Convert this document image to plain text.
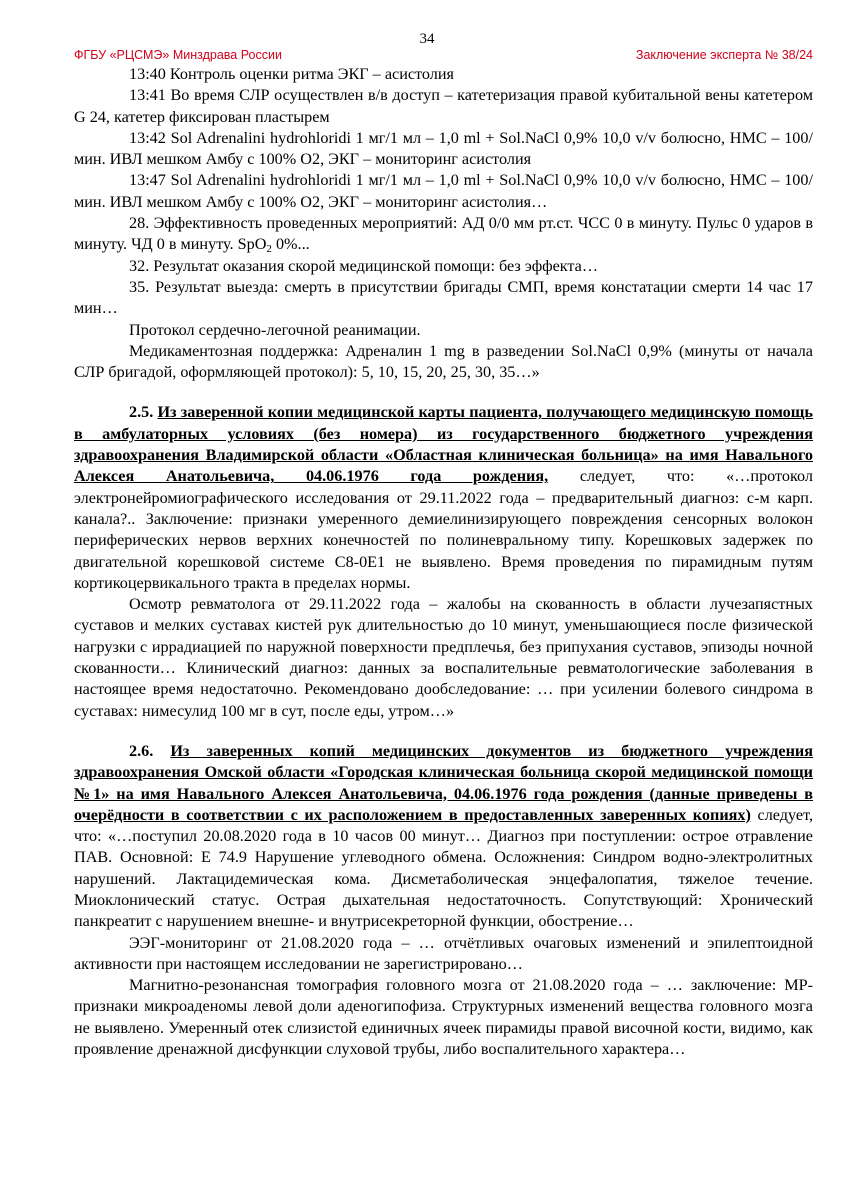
34
ФГБУ «РЦСМЭ» Минздрава России	Заключение эксперта № 38/24

13:40 Контроль оценки ритма ЭКГ – асистолия

13:41 Во время СЛР осуществлен в/в доступ – катетеризация правой кубитальной вены катетером G 24, катетер фиксирован пластырем

13:42 Sol Adrenalini hydrohloridi 1 мг/1 мл – 1,0 ml + Sol.NaCl 0,9% 10,0 v/v болюсно, НМС – 100/мин. ИВЛ мешком Амбу с 100% О2, ЭКГ – мониторинг асистолия

13:47 Sol Adrenalini hydrohloridi 1 мг/1 мл – 1,0 ml + Sol.NaCl 0,9% 10,0 v/v болюсно, НМС – 100/мин. ИВЛ мешком Амбу с 100% О2, ЭКГ – мониторинг асистолия…

28. Эффективность проведенных мероприятий: АД 0/0 мм рт.ст. ЧСС 0 в минуту. Пульс 0 ударов в минуту. ЧД 0 в минуту. SpO$_2$ 0%...

32. Результат оказания скорой медицинской помощи: без эффекта…

35. Результат выезда: смерть в присутствии бригады СМП, время констатации смерти 14 час 17 мин…

Протокол сердечно-легочной реанимации.

Медикаментозная поддержка: Адреналин 1 mg в разведении Sol.NaCl 0,9% (минуты от начала СЛР бригадой, оформляющей протокол): 5, 10, 15, 20, 25, 30, 35…»

2.5. Из заверенной копии медицинской карты пациента, получающего медицинскую помощь в амбулаторных условиях (без номера) из государственного бюджетного учреждения здравоохранения Владимирской области «Областная клиническая больница» на имя Навального Алексея Анатольевича, 04.06.1976 года рождения, следует, что: «…протокол электронейромиографического исследования от 29.11.2022 года – предварительный диагноз: с-м карп. канала?.. Заключение: признаки умеренного демиелинизирующего повреждения сенсорных волокон периферических нервов верхних конечностей по полиневральному типу. Корешковых задержек по двигательной корешковой системе С8-0Е1 не выявлено. Время проведения по пирамидным путям кортикоцервикального тракта в пределах нормы.

Осмотр ревматолога от 29.11.2022 года – жалобы на скованность в области лучезапястных суставов и мелких суставах кистей рук длительностью до 10 минут, уменьшающиеся после физической нагрузки с иррадиацией по наружной поверхности предплечья, без припухания суставов, эпизоды ночной скованности… Клинический диагноз: данных за воспалительные ревматологические заболевания в настоящее время недостаточно. Рекомендовано дообследование: … при усилении болевого синдрома в суставах: нимесулид 100 мг в сут, после еды, утром…»

2.6. Из заверенных копий медицинских документов из бюджетного учреждения здравоохранения Омской области «Городская клиническая больница скорой медицинской помощи №1» на имя Навального Алексея Анатольевича, 04.06.1976 года рождения (данные приведены в очерёдности в соответствии с их расположением в предоставленных заверенных копиях) следует, что: «…поступил 20.08.2020 года в 10 часов 00 минут… Диагноз при поступлении: острое отравление ПАВ. Основной: Е 74.9 Нарушение углеводного обмена. Осложнения: Синдром водно-электролитных нарушений. Лактацидемическая кома. Дисметаболическая энцефалопатия, тяжелое течение. Миоклонический статус. Острая дыхательная недостаточность. Сопутствующий: Хронический панкреатит с нарушением внешне- и внутрисекреторной функции, обострение…

ЭЭГ-мониторинг от 21.08.2020 года – … отчётливых очаговых изменений и эпилептоидной активности при настоящем исследовании не зарегистрировано…

Магнитно-резонансная томография головного мозга от 21.08.2020 года – … заключение: МР-признаки микроаденомы левой доли аденогипофиза. Структурных изменений вещества головного мозга не выявлено. Умеренный отек слизистой единичных ячеек пирамиды правой височной кости, видимо, как проявление дренажной дисфункции слуховой трубы, либо воспалительного характера…
